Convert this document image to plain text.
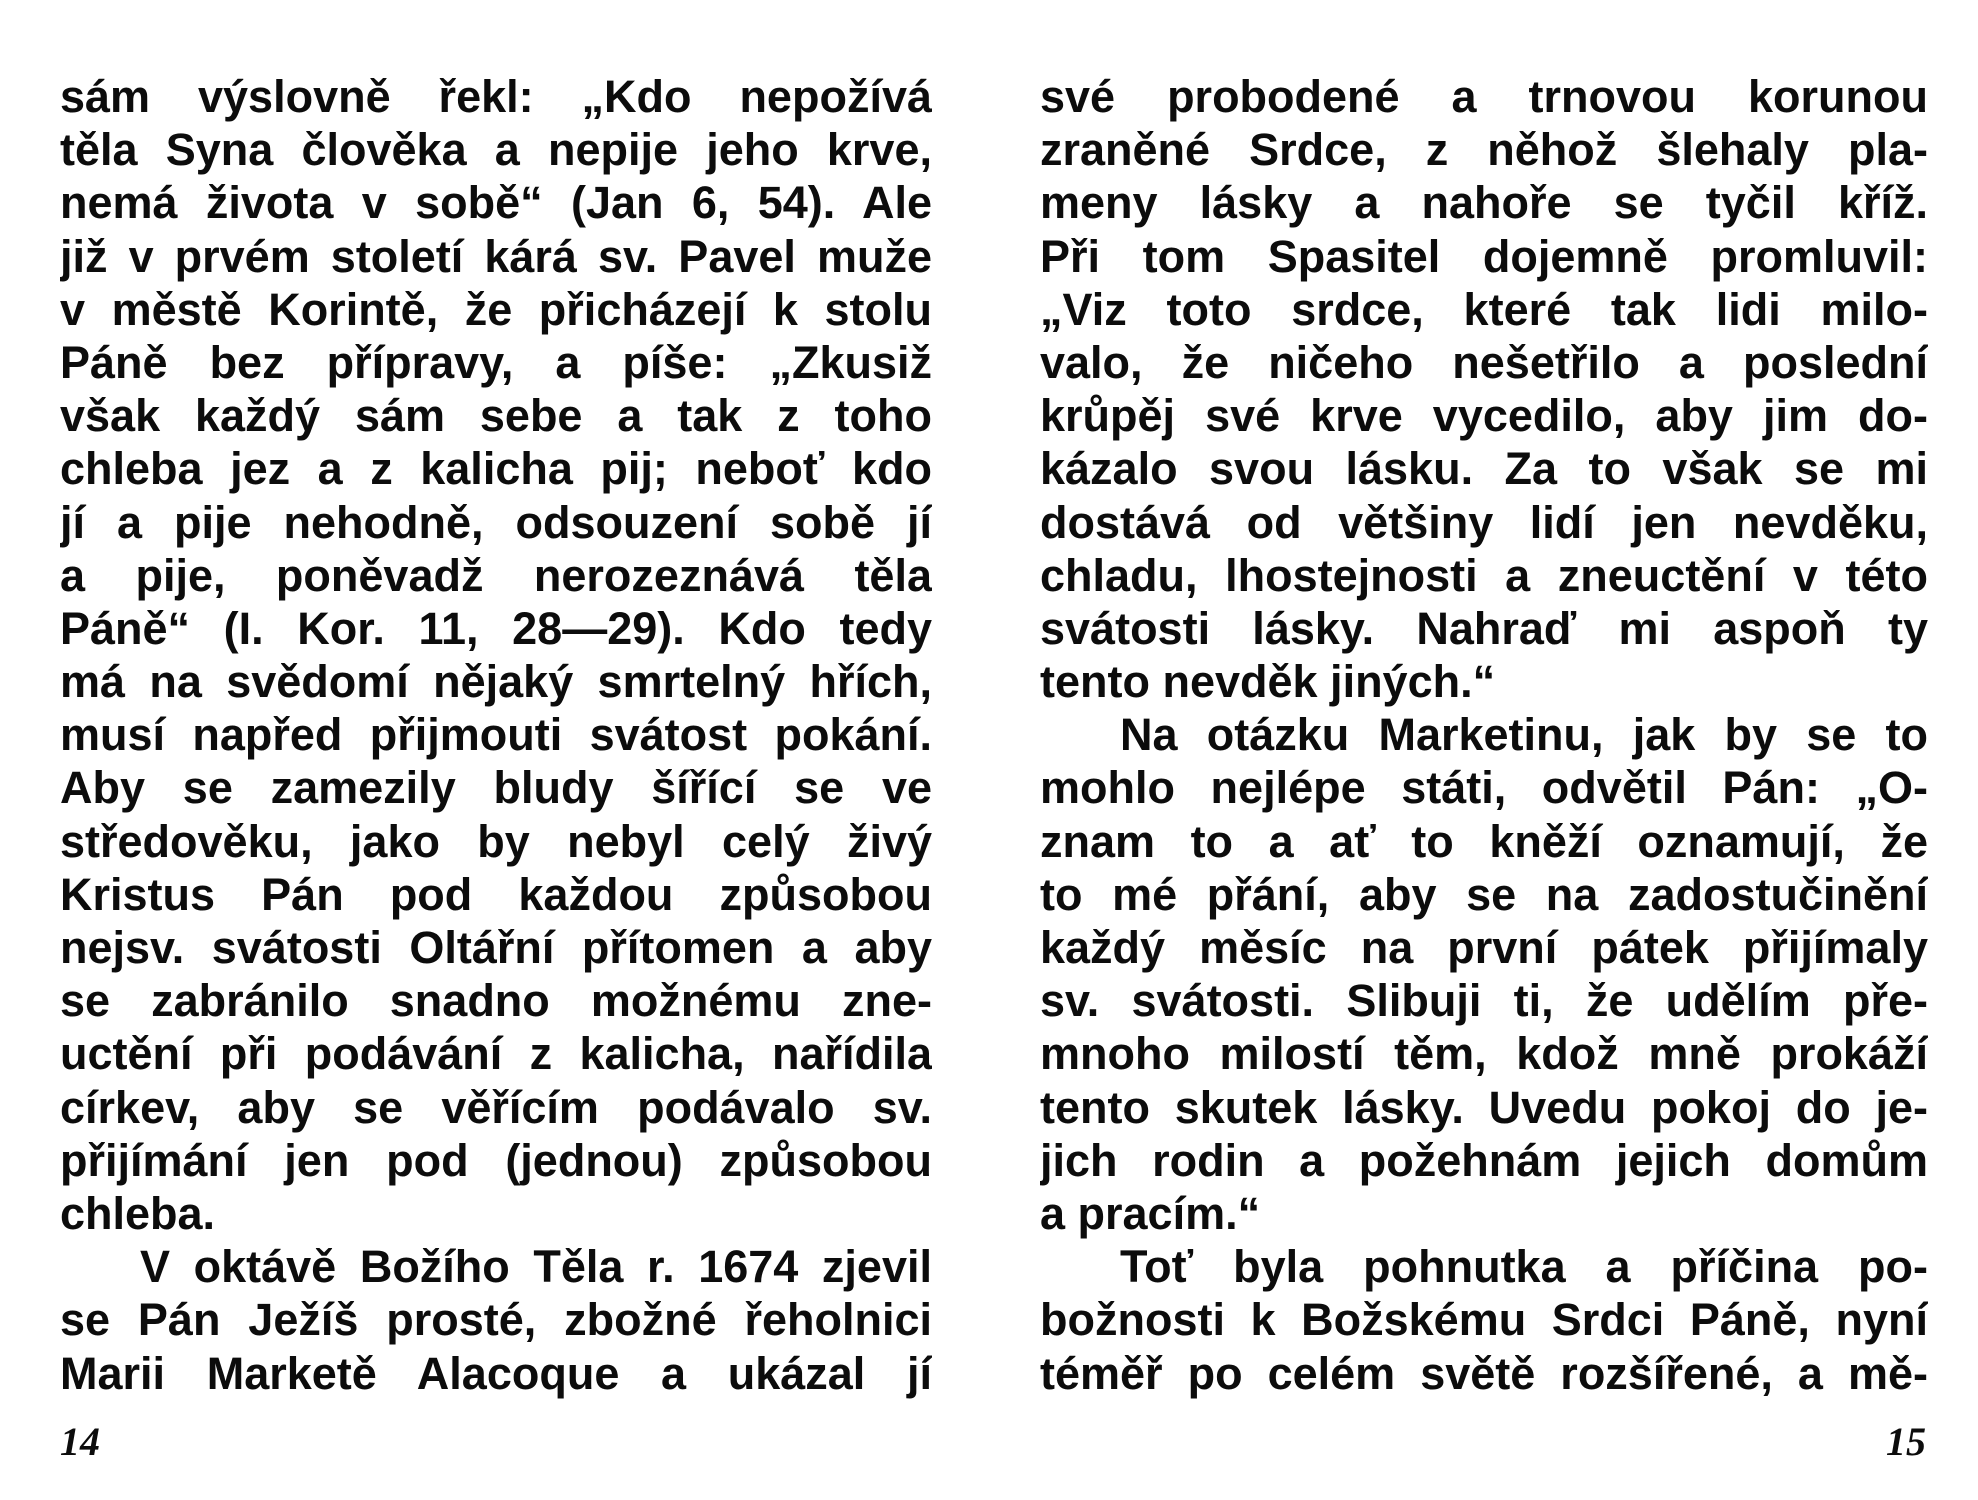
sám výslovně řekl: „Kdo nepožívá
těla Syna člověka a nepije jeho krve,
nemá života v sobě“ (Jan 6, 54). Ale
již v prvém století kárá sv. Pavel muže
v městě Korintě, že přicházejí k stolu
Páně bez přípravy, a píše: „Zkusiž
však každý sám sebe a tak z toho
chleba jez a z kalicha pij; neboť kdo
jí a pije nehodně, odsouzení sobě jí
a pije, poněvadž nerozeznává těla
Páně“ (I. Kor. 11, 28—29). Kdo tedy
má na svědomí nějaký smrtelný hřích,
musí napřed přijmouti svátost pokání.
Aby se zamezily bludy šířící se ve
středověku, jako by nebyl celý živý
Kristus Pán pod každou způsobou
nejsv. svátosti Oltářní přítomen a aby
se zabránilo snadno možnému zne-
uctění při podávání z kalicha, nařídila
církev, aby se věřícím podávalo sv.
přijímání jen pod (jednou) způsobou
chleba.
V oktávě Božího Těla r. 1674 zjevil
se Pán Ježíš prosté, zbožné řeholnici
Marii Marketě Alacoque a ukázal jí
své probodené a trnovou korunou
zraněné Srdce, z něhož šlehaly pla-
meny lásky a nahoře se tyčil kříž.
Při tom Spasitel dojemně promluvil:
„Viz toto srdce, které tak lidi milo-
valo, že ničeho nešetřilo a poslední
krůpěj své krve vycedilo, aby jim do-
kázalo svou lásku. Za to však se mi
dostává od většiny lidí jen nevděku,
chladu, lhostejnosti a zneuctění v této
svátosti lásky. Nahraď mi aspoň ty
tento nevděk jiných.“
Na otázku Marketinu, jak by se to
mohlo nejlépe státi, odvětil Pán: „O-
znam to a ať to kněží oznamují, že
to mé přání, aby se na zadostučinění
každý měsíc na první pátek přijímaly
sv. svátosti. Slibuji ti, že udělím pře-
mnoho milostí těm, kdož mně prokáží
tento skutek lásky. Uvedu pokoj do je-
jich rodin a požehnám jejich domům
a pracím.“
Toť byla pohnutka a příčina po-
božnosti k Božskému Srdci Páně, nyní
téměř po celém světě rozšířené, a mě-
14	15
